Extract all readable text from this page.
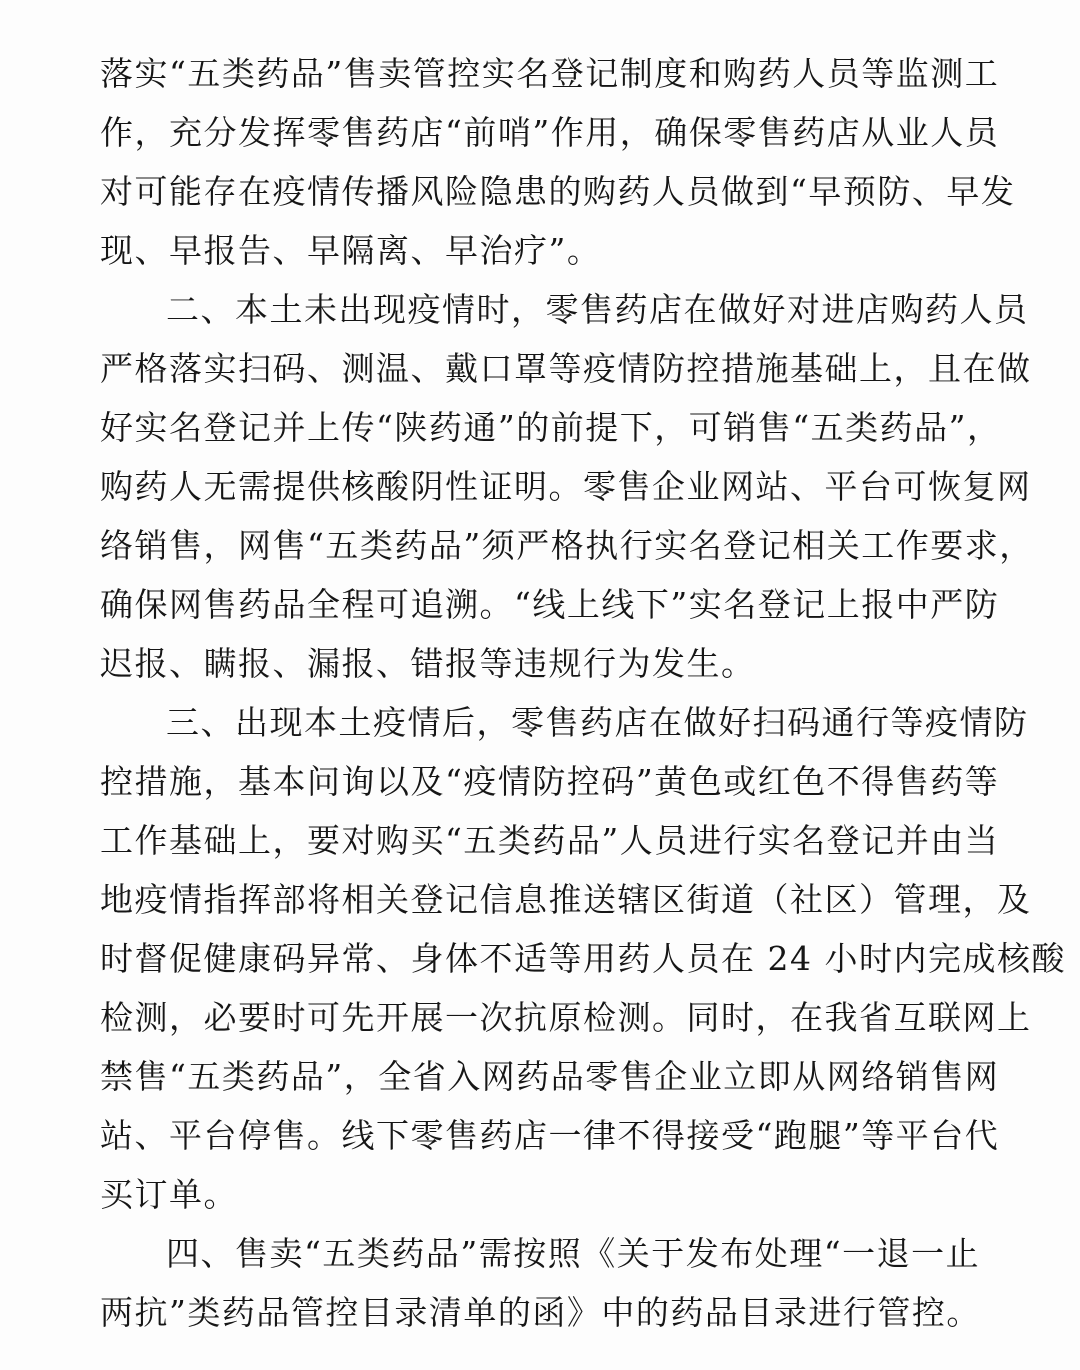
落实“五类药品”售卖管控实名登记制度和购药人员等监测工
作，充分发挥零售药店“前哨”作用，确保零售药店从业人员
对可能存在疫情传播风险隐患的购药人员做到“早预防、早发
现、早报告、早隔离、早治疗”。
二、本土未出现疫情时，零售药店在做好对进店购药人员
严格落实扫码、测温、戴口罩等疫情防控措施基础上，且在做
好实名登记并上传“陕药通”的前提下，可销售“五类药品”，
购药人无需提供核酸阴性证明。零售企业网站、平台可恢复网
络销售，网售“五类药品”须严格执行实名登记相关工作要求，
确保网售药品全程可追溯。“线上线下”实名登记上报中严防
迟报、瞒报、漏报、错报等违规行为发生。
三、出现本土疫情后，零售药店在做好扫码通行等疫情防
控措施，基本问询以及“疫情防控码”黄色或红色不得售药等
工作基础上，要对购买“五类药品”人员进行实名登记并由当
地疫情指挥部将相关登记信息推送辖区街道（社区）管理，及
时督促健康码异常、身体不适等用药人员在 24 小时内完成核酸
检测，必要时可先开展一次抗原检测。同时，在我省互联网上
禁售“五类药品”，全省入网药品零售企业立即从网络销售网
站、平台停售。线下零售药店一律不得接受“跑腿”等平台代
买订单。
四、售卖“五类药品”需按照《关于发布处理“一退一止
两抗”类药品管控目录清单的函》中的药品目录进行管控。
